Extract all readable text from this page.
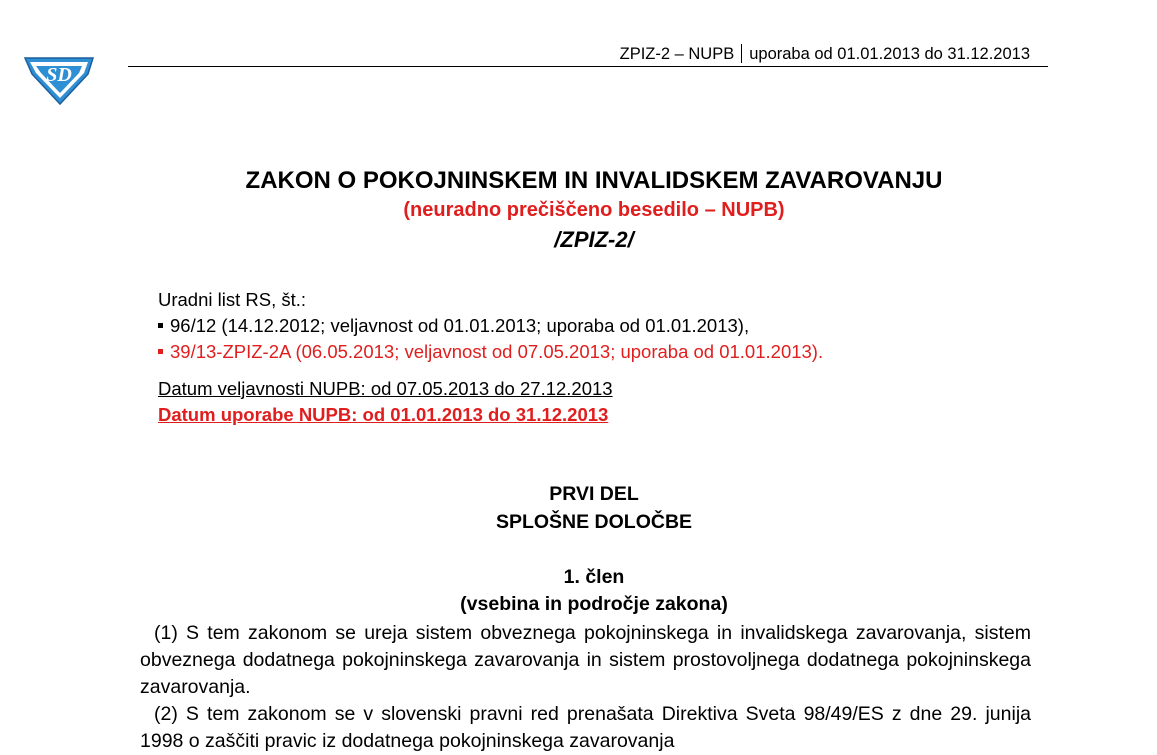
SD
ZPIZ-2 – NUPB uporaba od 01.01.2013 do 31.12.2013
ZAKON O POKOJNINSKEM IN INVALIDSKEM ZAVAROVANJU
(neuradno prečiščeno besedilo – NUPB)
/ZPIZ-2/
Uradni list RS, št.:
96/12 (14.12.2012; veljavnost od 01.01.2013; uporaba od 01.01.2013),
39/13-ZPIZ-2A (06.05.2013; veljavnost od 07.05.2013; uporaba od 01.01.2013).
Datum veljavnosti NUPB: od 07.05.2013 do 27.12.2013
Datum uporabe NUPB: od 01.01.2013 do 31.12.2013
PRVI DEL
SPLOŠNE DOLOČBE
1. člen
(vsebina in področje zakona)
(1) S tem zakonom se ureja sistem obveznega pokojninskega in invalidskega zavarovanja, sistem obveznega dodatnega pokojninskega zavarovanja in sistem prostovoljnega dodatnega pokojninskega zavarovanja.
(2) S tem zakonom se v slovenski pravni red prenašata Direktiva Sveta 98/49/ES z dne 29. junija 1998 o zaščiti pravic iz dodatnega pokojninskega zavarovanja
